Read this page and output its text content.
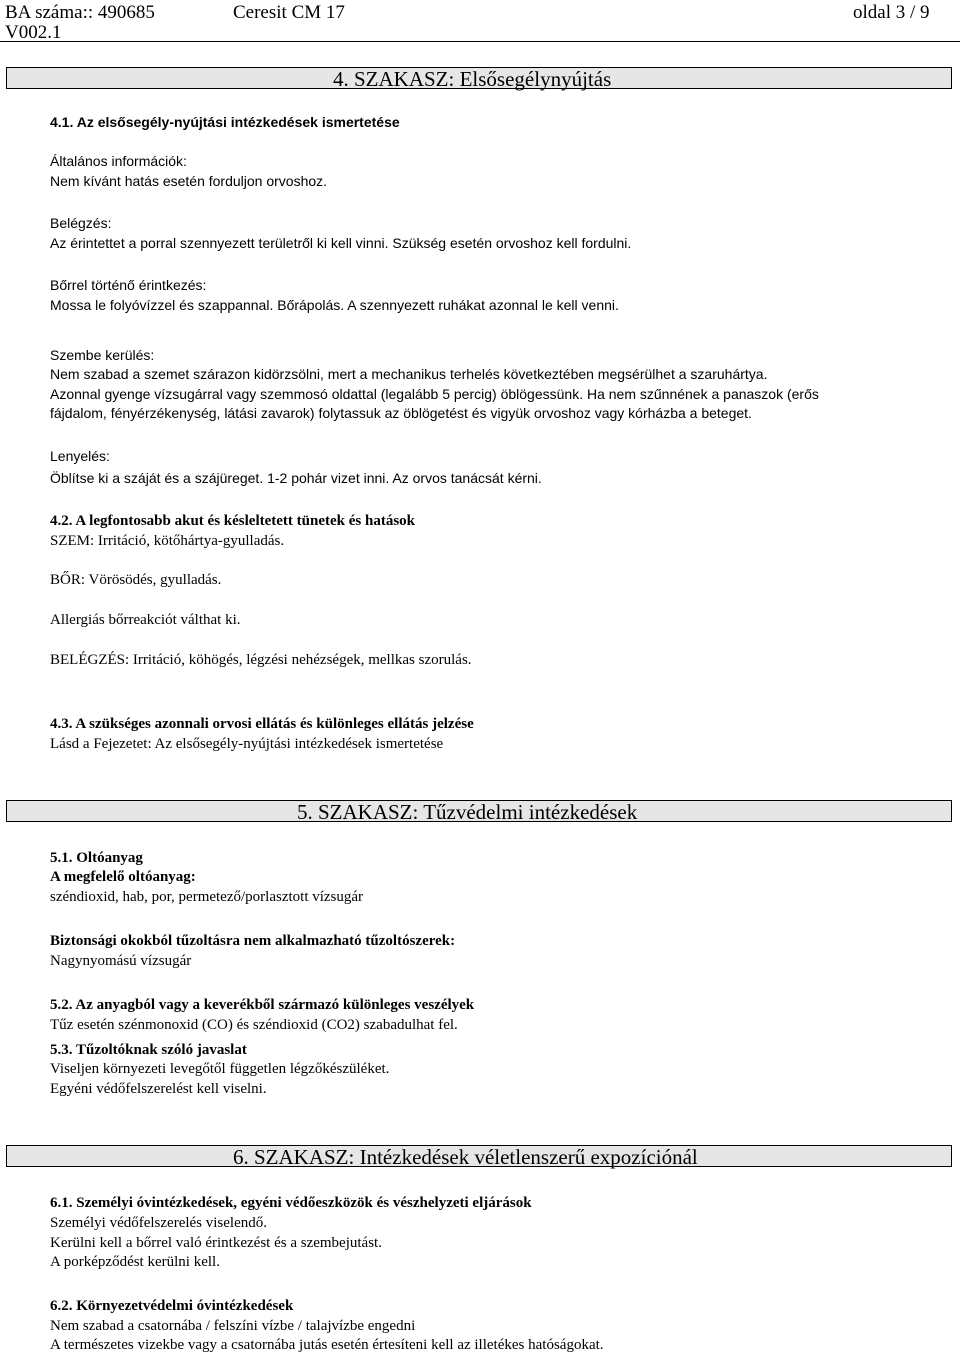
BA száma:: 490685
V002.1
Ceresit CM 17	oldal 3 / 9
4. SZAKASZ: Elsősegélynyújtás
4.1. Az elsősegély-nyújtási intézkedések ismertetése
Általános információk:
Nem kívánt hatás esetén forduljon orvoshoz.
Belégzés:
Az érintettet a porral szennyezett területről ki kell vinni. Szükség esetén orvoshoz kell fordulni.
Bőrrel történő érintkezés:
Mossa le folyóvízzel és szappannal. Bőrápolás. A szennyezett ruhákat azonnal le kell venni.
Szembe kerülés:
Nem szabad a szemet szárazon kidörzsölni, mert a mechanikus terhelés következtében megsérülhet a szaruhártya.
Azonnal gyenge vízsugárral vagy szemmosó oldattal (legalább 5 percig) öblögessünk. Ha nem szűnnének a panaszok (erős
fájdalom, fényérzékenység, látási zavarok) folytassuk az öblögetést és vigyük orvoshoz vagy kórházba a beteget.
Lenyelés:
Öblítse ki a száját és a szájüreget. 1-2 pohár vizet inni. Az orvos tanácsát kérni.
4.2. A legfontosabb akut és késleltetett tünetek és hatások
SZEM: Irritáció, kötőhártya-gyulladás.
BŐR: Vörösödés, gyulladás.
Allergiás bőrreakciót válthat ki.
BELÉGZÉS: Irritáció, köhögés, légzési nehézségek, mellkas szorulás.
4.3. A szükséges azonnali orvosi ellátás és különleges ellátás jelzése
Lásd a Fejezetet: Az elsősegély-nyújtási intézkedések ismertetése
5. SZAKASZ: Tűzvédelmi intézkedések
5.1. Oltóanyag
A megfelelő oltóanyag:
széndioxid, hab, por, permetező/porlasztott vízsugár
Biztonsági okokból tűzoltásra nem alkalmazható tűzoltószerek:
Nagynyomású vízsugár
5.2. Az anyagból vagy a keverékből származó különleges veszélyek
Tűz esetén szénmonoxid (CO) és széndioxid (CO2) szabadulhat fel.
5.3. Tűzoltóknak szóló javaslat
Viseljen környezeti levegőtől független légzőkészüléket.
Egyéni védőfelszerelést kell viselni.
6. SZAKASZ: Intézkedések véletlenszerű expozíciónál
6.1. Személyi óvintézkedések, egyéni védőeszközök és vészhelyzeti eljárások
Személyi védőfelszerelés viselendő.
Kerülni kell a bőrrel való érintkezést és a szembejutást.
A porképződést kerülni kell.
6.2. Környezetvédelmi óvintézkedések
Nem szabad a csatornába / felszíni vízbe / talajvízbe engedni
A természetes vizekbe vagy a csatornába jutás esetén értesíteni kell az illetékes hatóságokat.
